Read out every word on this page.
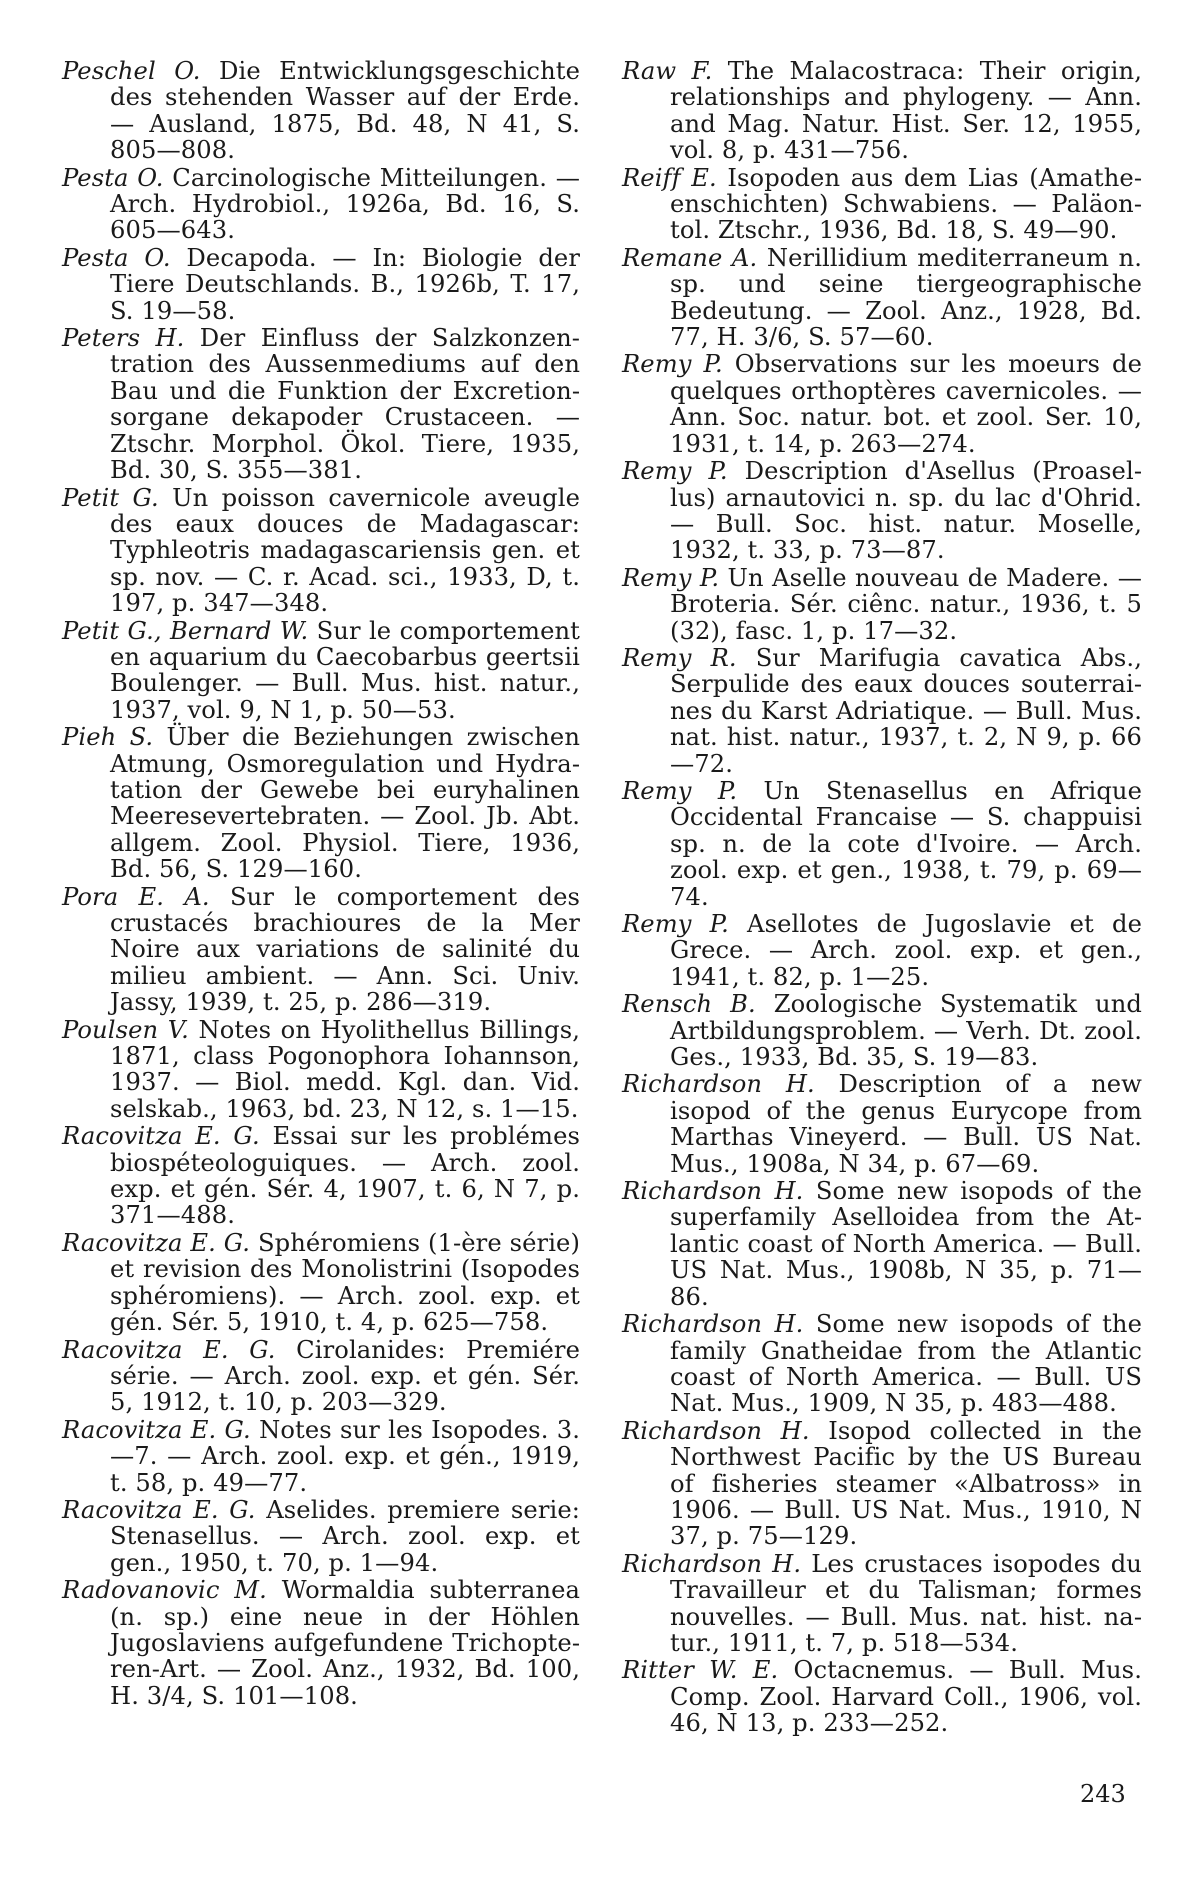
Peschel O. Die Entwicklungsgeschichte des stehenden Wasser auf der Erde. — Ausland, 1875, Bd. 48, N 41, S. 805—808.

Pesta O. Carcinologische Mitteilungen. — Arch. Hydrobiol., 1926a, Bd. 16, S. 605—643.

Pesta O. Decapoda. — In: Biologie der Tiere Deutschlands. B., 1926b, T. 17, S. 19—58.

Peters H. Der Einfluss der Salzkonzen­tration des Aussenmediums auf den Bau und die Funktion der Excretion­sorgane dekapoder Crustaceen. — Ztschr. Morphol. Ökol. Tiere, 1935, Bd. 30, S. 355—381.

Petit G. Un poisson cavernicole aveugle des eaux douces de Madagascar: Typhleotris madagascariensis gen. et sp. nov. — C. r. Acad. sci., 1933, D, t. 197, p. 347—348.

Petit G., Bernard W. Sur le comportement en aquarium du Caecobarbus geertsii Boulenger. — Bull. Mus. hist. natur., 1937, vol. 9, N 1, p. 50—53.

Pieh S. Über die Beziehungen zwischen Atmung, Osmoregulation und Hydra­tation der Gewebe bei euryhalinen Meeresevertebraten. — Zool. Jb. Abt. allgem. Zool. Physiol. Tiere, 1936, Bd. 56, S. 129—160.

Pora E. A. Sur le comportement des crustacés brachioures de la Mer Noire aux variations de salinité du milieu ambient. — Ann. Sci. Univ. Jassy, 1939, t. 25, p. 286—319.

Poulsen V. Notes on Hyolithellus Billings, 1871, class Pogonophora Iohannson, 1937. — Biol. medd. Kgl. dan. Vid. selskab., 1963, bd. 23, N 12, s. 1—15.

Racovitza E. G. Essai sur les problémes biospéteologuiques. — Arch. zool. exp. et gén. Sér. 4, 1907, t. 6, N 7, p. 371—488.

Racovitza E. G. Sphéromiens (1-ère série) et revision des Monolistrini (Isopodes sphéromiens). — Arch. zool. exp. et gén. Sér. 5, 1910, t. 4, p. 625—758.

Racovitza E. G. Cirolanides: Premiére série. — Arch. zool. exp. et gén. Sér. 5, 1912, t. 10, p. 203—329.

Racovitza E. G. Notes sur les Isopodes. 3.—7. — Arch. zool. exp. et gén., 1919, t. 58, p. 49—77.

Racovitza E. G. Aselides. premiere serie: Stenasellus. — Arch. zool. exp. et gen., 1950, t. 70, p. 1—94.

Radovanovic M. Wormaldia subterranea (n. sp.) eine neue in der Höhlen Jugoslaviens aufgefundene Trichopte­ren-Art. — Zool. Anz., 1932, Bd. 100, H. 3/4, S. 101—108.

Raw F. The Malacostraca: Their origin, relationships and phylogeny. — Ann. and Mag. Natur. Hist. Ser. 12, 1955, vol. 8, p. 431—756.

Reiff E. Isopoden aus dem Lias (Amathe­enschichten) Schwabiens. — Paläon­tol. Ztschr., 1936, Bd. 18, S. 49—90.

Remane A. Nerillidium mediterraneum n. sp. und seine tiergeographische Bedeutung. — Zool. Anz., 1928, Bd. 77, H. 3/6, S. 57—60.

Remy P. Observations sur les moeurs de quelques orthoptères cavernicoles. — Ann. Soc. natur. bot. et zool. Ser. 10, 1931, t. 14, p. 263—274.

Remy P. Description d'Asellus (Proasel­lus) arnautovici n. sp. du lac d'Ohrid. — Bull. Soc. hist. natur. Moselle, 1932, t. 33, p. 73—87.

Remy P. Un Aselle nouveau de Madere. — Broteria. Sér. ciênc. natur., 1936, t. 5 (32), fasc. 1, p. 17—32.

Remy R. Sur Marifugia cavatica Abs., Serpulide des eaux douces souterrai­nes du Karst Adriatique. — Bull. Mus. nat. hist. natur., 1937, t. 2, N 9, p. 66—72.

Remy P. Un Stenasellus en Afrique Occidental Francaise — S. chappuisi sp. n. de la cote d'Ivoire. — Arch. zool. exp. et gen., 1938, t. 79, p. 69—74.

Remy P. Asellotes de Jugoslavie et de Grece. — Arch. zool. exp. et gen., 1941, t. 82, p. 1—25.

Rensch B. Zoologische Systematik und Artbildungsproblem. — Verh. Dt. zool. Ges., 1933, Bd. 35, S. 19—83.

Richardson H. Description of a new isopod of the genus Eurycope from Marthas Vineyerd. — Bull. US Nat. Mus., 1908a, N 34, p. 67—69.

Richardson H. Some new isopods of the superfamily Aselloidea from the At­lantic coast of North America. — Bull. US Nat. Mus., 1908b, N 35, p. 71—86.

Richardson H. Some new isopods of the family Gnatheidae from the Atlantic coast of North America. — Bull. US Nat. Mus., 1909, N 35, p. 483—488.

Richardson H. Isopod collected in the Northwest Pacific by the US Bureau of fisheries steamer «Albatross» in 1906. — Bull. US Nat. Mus., 1910, N 37, p. 75—129.

Richardson H. Les crustaces isopodes du Travailleur et du Talisman; formes nouvelles. — Bull. Mus. nat. hist. na­tur., 1911, t. 7, p. 518—534.

Ritter W. E. Octacnemus. — Bull. Mus. Comp. Zool. Harvard Coll., 1906, vol. 46, N 13, p. 233—252.

243
